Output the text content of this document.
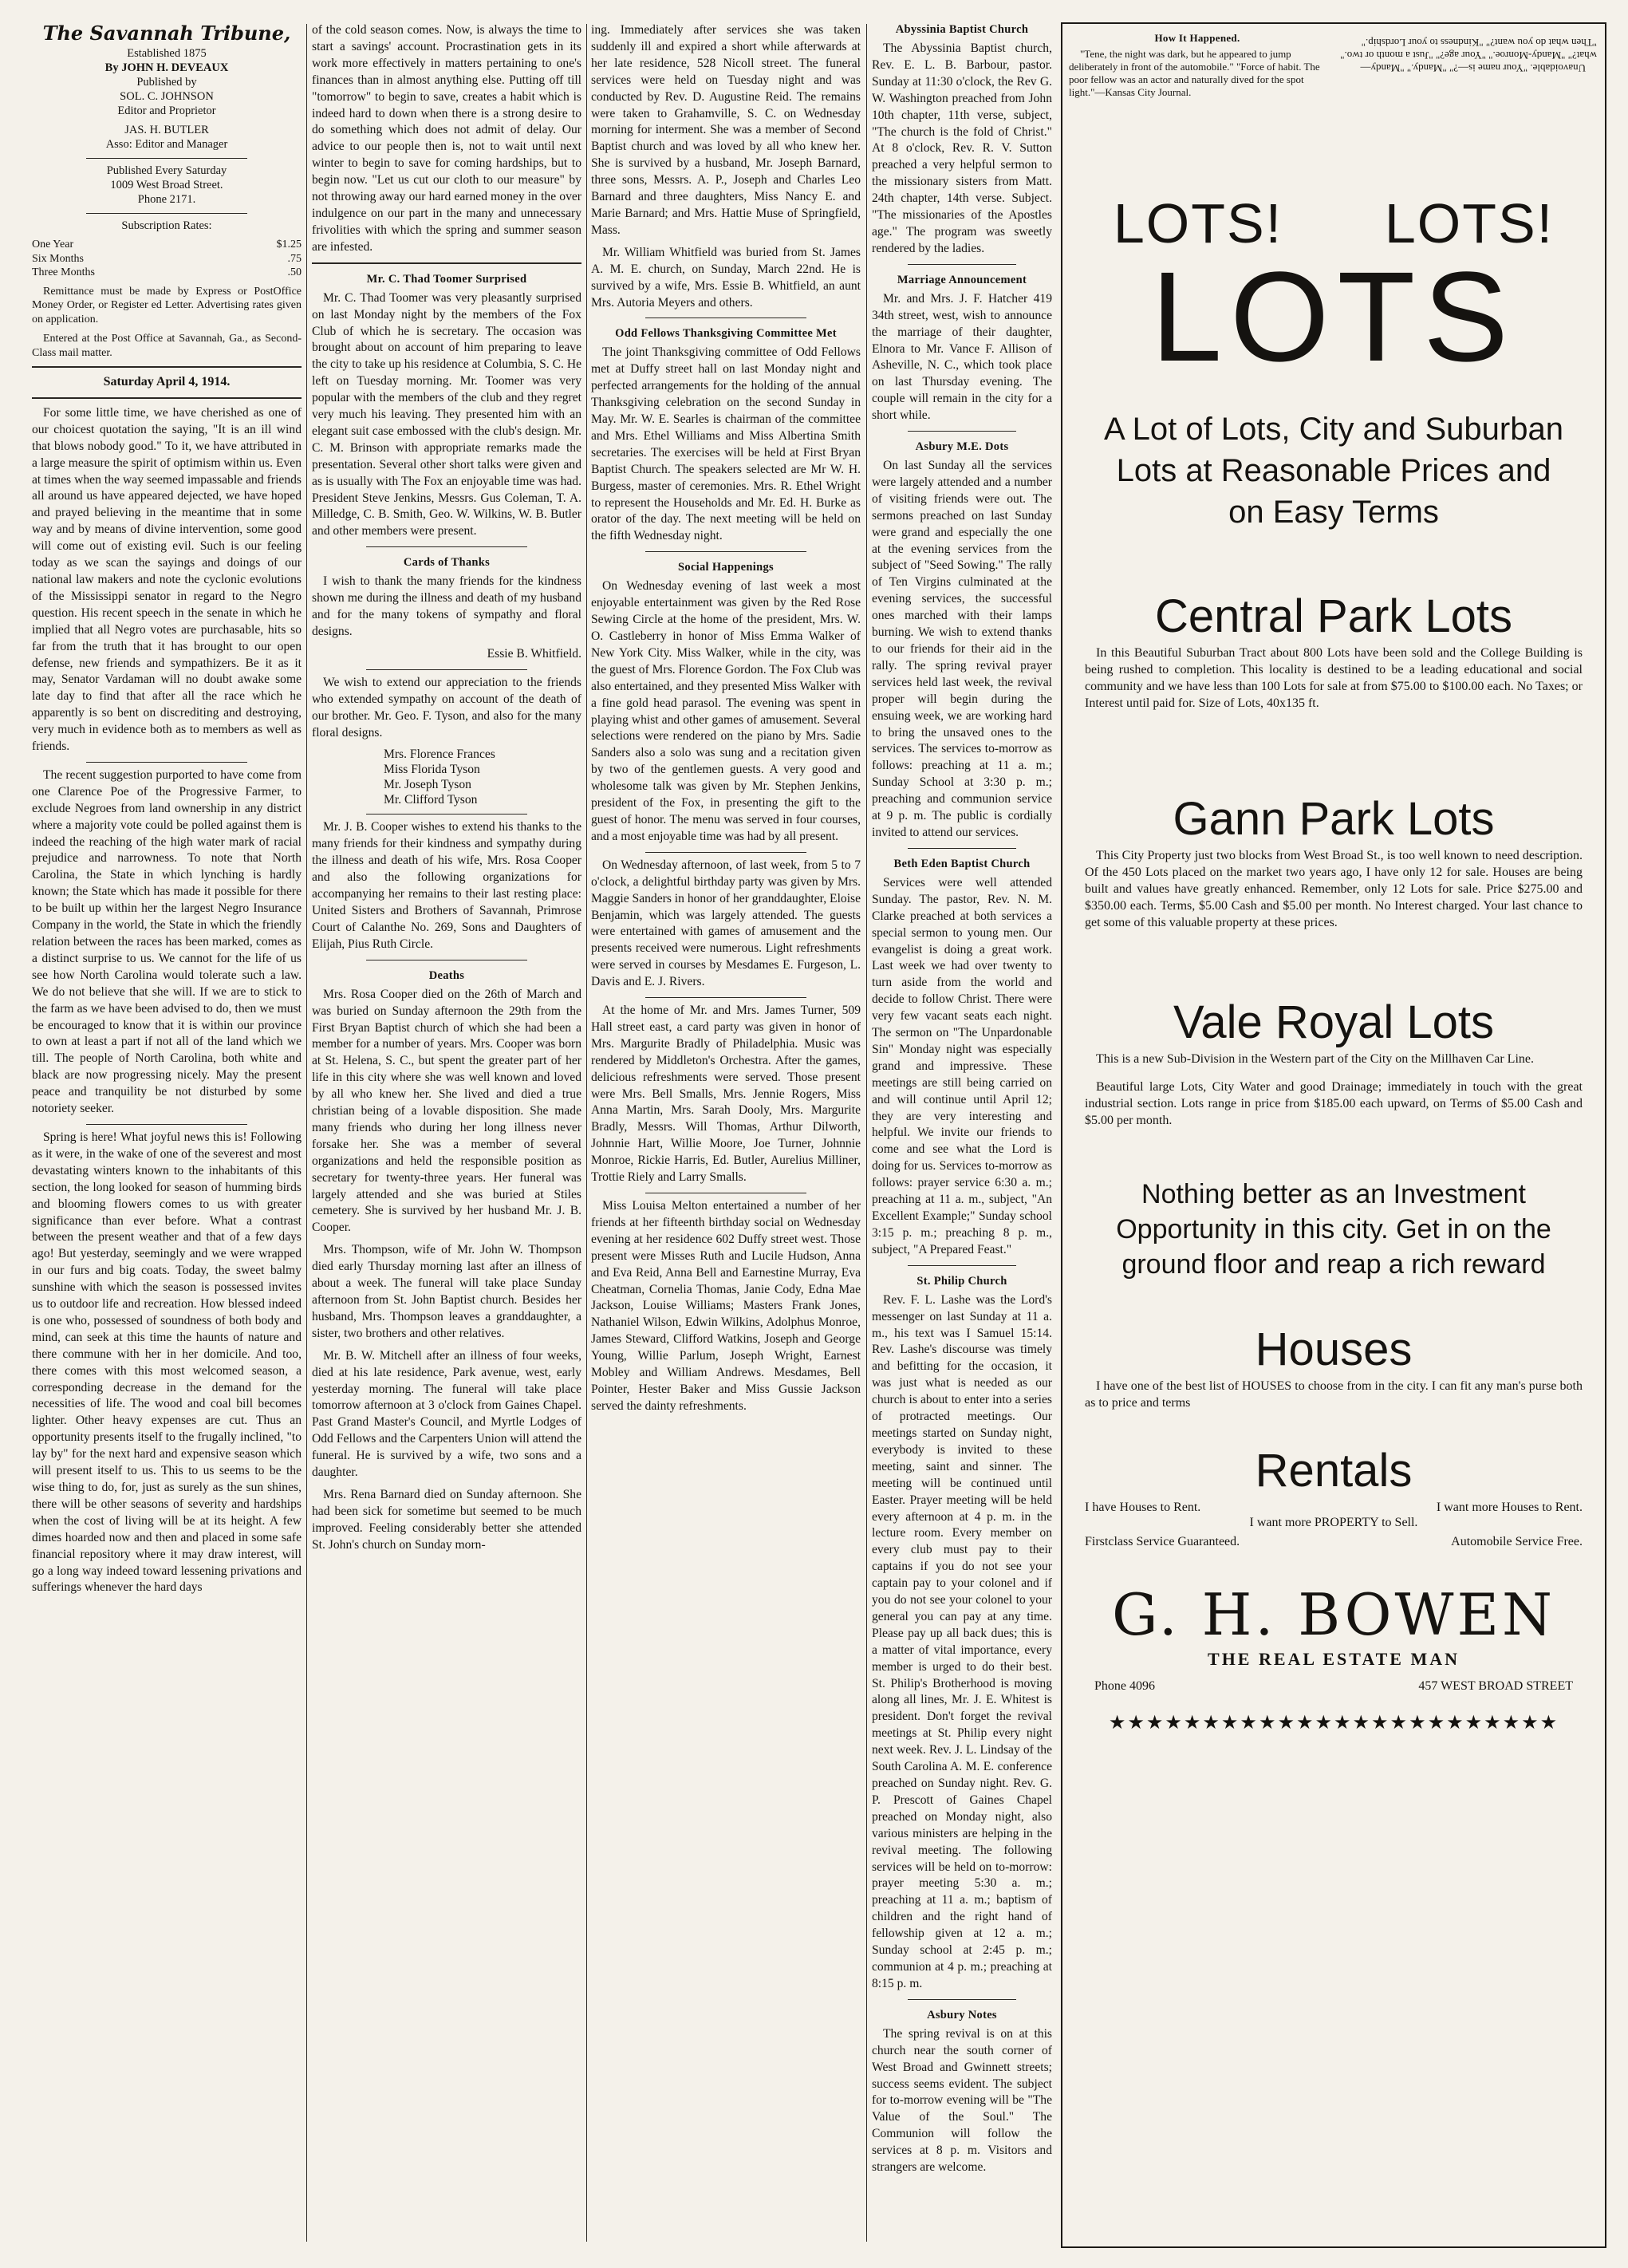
The Savannah Tribune,
Established 1875
By JOHN H. DEVEAUX
Published by
SOL. C. JOHNSON
Editor and Proprietor
JAS. H. BUTLER
Asso: Editor and Manager
Published Every Saturday
1009 West Broad Street.
Phone 2171.
Subscription Rates:
One Year	$1.25
Six Months	.75
Three Months	.50

Remittance must be made by Express or PostOffice Money Order, or Register ed Letter. Advertising rates given on application.

Entered at the Post Office at Savannah, Ga., as Second-Class mail matter.

Saturday April 4, 1914.

For some little time, we have cherished as one of our choicest quotation the saying, "It is an ill wind that blows nobody good." To it, we have attributed in a large measure the spirit of optimism within us. Even at times when the way seemed impassable and friends all around us have appeared dejected, we have hoped and prayed believing in the meantime that in some way and by means of divine intervention, some good will come out of existing evil. Such is our feeling today as we scan the sayings and doings of our national law makers and note the cyclonic evolutions of the Mississippi senator in regard to the Negro question. His recent speech in the senate in which he implied that all Negro votes are purchasable, hits so far from the truth that it has brought to our open defense, new friends and sympathizers. Be it as it may, Senator Vardaman will no doubt awake some late day to find that after all the race which he apparently is so bent on discrediting and destroying, very much in evidence both as to members as well as friends.

The recent suggestion purported to have come from one Clarence Poe of the Progressive Farmer, to exclude Negroes from land ownership in any district where a majority vote could be polled against them is indeed the reaching of the high water mark of racial prejudice and narrowness. To note that North Carolina, the State in which lynching is hardly known; the State which has made it possible for there to be built up within her the largest Negro Insurance Company in the world, the State in which the friendly relation between the races has been marked, comes as a distinct surprise to us. We cannot for the life of us see how North Carolina would tolerate such a law. We do not believe that she will. If we are to stick to the farm as we have been advised to do, then we must be encouraged to know that it is within our province to own at least a part if not all of the land which we till. The people of North Carolina, both white and black are now progressing nicely. May the present peace and tranquility be not disturbed by some notoriety seeker.

Spring is here! What joyful news this is! Following as it were, in the wake of one of the severest and most devastating winters known to the inhabitants of this section, the long looked for season of humming birds and blooming flowers comes to us with greater significance than ever before. What a contrast between the present weather and that of a few days ago! But yesterday, seemingly and we were wrapped in our furs and big coats. Today, the sweet balmy sunshine with which the season is possessed invites us to outdoor life and recreation. How blessed indeed is one who, possessed of soundness of both body and mind, can seek at this time the haunts of nature and there commune with her in her domicile. And too, there comes with this most welcomed season, a corresponding decrease in the demand for the necessities of life. The wood and coal bill becomes lighter. Other heavy expenses are cut. Thus an opportunity presents itself to the frugally inclined, "to lay by" for the next hard and expensive season which will present itself to us. This to us seems to be the wise thing to do, for, just as surely as the sun shines, there will be other seasons of severity and hardships when the cost of living will be at its height. A few dimes hoarded now and then and placed in some safe financial repository where it may draw interest, will go a long way indeed toward lessening privations and sufferings whenever the hard days

of the cold season comes. Now, is always the time to start a savings' account. Procrastination gets in its work more effectively in matters pertaining to one's finances than in almost anything else. Putting off till "tomorrow" to begin to save, creates a habit which is indeed hard to down when there is a strong desire to do something which does not admit of delay. Our advice to our people then is, not to wait until next winter to begin to save for coming hardships, but to begin now. "Let us cut our cloth to our measure" by not throwing away our hard earned money in the over indulgence on our part in the many and unnecessary frivolities with which the spring and summer season are infested.

Mr. C. Thad Toomer Surprised

Mr. C. Thad Toomer was very pleasantly surprised on last Monday night by the members of the Fox Club of which he is secretary. The occasion was brought about on account of him preparing to leave the city to take up his residence at Columbia, S. C. He left on Tuesday morning. Mr. Toomer was very popular with the members of the club and they regret very much his leaving. They presented him with an elegant suit case embossed with the club's design. Mr. C. M. Brinson with appropriate remarks made the presentation. Several other short talks were given and as is usually with The Fox an enjoyable time was had. President Steve Jenkins, Messrs. Gus Coleman, T. A. Milledge, C. B. Smith, Geo. W. Wilkins, W. B. Butler and other members were present.

Cards of Thanks

I wish to thank the many friends for the kindness shown me during the illness and death of my husband and for the many tokens of sympathy and floral designs.

Essie B. Whitfield.

We wish to extend our appreciation to the friends who extended sympathy on account of the death of our brother. Mr. Geo. F. Tyson, and also for the many floral designs.

Mrs. Florence Frances
Miss Florida Tyson
Mr. Joseph Tyson
Mr. Clifford Tyson

Mr. J. B. Cooper wishes to extend his thanks to the many friends for their kindness and sympathy during the illness and death of his wife, Mrs. Rosa Cooper and also the following organizations for accompanying her remains to their last resting place: United Sisters and Brothers of Savannah, Primrose Court of Calanthe No. 269, Sons and Daughters of Elijah, Pius Ruth Circle.

Deaths

Mrs. Rosa Cooper died on the 26th of March and was buried on Sunday afternoon the 29th from the First Bryan Baptist church of which she had been a member for a number of years. Mrs. Cooper was born at St. Helena, S. C., but spent the greater part of her life in this city where she was well known and loved by all who knew her. She lived and died a true christian being of a lovable disposition. She made many friends who during her long illness never forsake her. She was a member of several organizations and held the responsible position as secretary for twenty-three years. Her funeral was largely attended and she was buried at Stiles cemetery. She is survived by her husband Mr. J. B. Cooper.

Mrs. Thompson, wife of Mr. John W. Thompson died early Thursday morning last after an illness of about a week. The funeral will take place Sunday afternoon from St. John Baptist church. Besides her husband, Mrs. Thompson leaves a granddaughter, a sister, two brothers and other relatives.

Mr. B. W. Mitchell after an illness of four weeks, died at his late residence, Park avenue, west, early yesterday morning. The funeral will take place tomorrow afternoon at 3 o'clock from Gaines Chapel. Past Grand Master's Council, and Myrtle Lodges of Odd Fellows and the Carpenters Union will attend the funeral. He is survived by a wife, two sons and a daughter.

Mrs. Rena Barnard died on Sunday afternoon. She had been sick for sometime but seemed to be much improved. Feeling considerably better she attended St. John's church on Sunday morn-

ing. Immediately after services she was taken suddenly ill and expired a short while afterwards at her late residence, 528 Nicoll street. The funeral services were held on Tuesday night and was conducted by Rev. D. Augustine Reid. The remains were taken to Grahamville, S. C. on Wednesday morning for interment. She was a member of Second Baptist church and was loved by all who knew her. She is survived by a husband, Mr. Joseph Barnard, three sons, Messrs. A. P., Joseph and Charles Leo Barnard and three daughters, Miss Nancy E. and Marie Barnard; and Mrs. Hattie Muse of Springfield, Mass.

Mr. William Whitfield was buried from St. James A. M. E. church, on Sunday, March 22nd. He is survived by a wife, Mrs. Essie B. Whitfield, an aunt Mrs. Autoria Meyers and others.

Odd Fellows Thanksgiving Committee Met

The joint Thanksgiving committee of Odd Fellows met at Duffy street hall on last Monday night and perfected arrangements for the holding of the annual Thanksgiving celebration on the second Sunday in May. Mr. W. E. Searles is chairman of the committee and Mrs. Ethel Williams and Miss Albertina Smith secretaries. The exercises will be held at First Bryan Baptist Church. The speakers selected are Mr W. H. Burgess, master of ceremonies. Mrs. R. Ethel Wright to represent the Households and Mr. Ed. H. Burke as orator of the day. The next meeting will be held on the fifth Wednesday night.

Social Happenings

On Wednesday evening of last week a most enjoyable entertainment was given by the Red Rose Sewing Circle at the home of the president, Mrs. W. O. Castleberry in honor of Miss Emma Walker of New York City. Miss Walker, while in the city, was the guest of Mrs. Florence Gordon. The Fox Club was also entertained, and they presented Miss Walker with a fine gold head parasol. The evening was spent in playing whist and other games of amusement. Several selections were rendered on the piano by Mrs. Sadie Sanders also a solo was sung and a recitation given by two of the gentlemen guests. A very good and wholesome talk was given by Mr. Stephen Jenkins, president of the Fox, in presenting the gift to the guest of honor. The menu was served in four courses, and a most enjoyable time was had by all present.

On Wednesday afternoon, of last week, from 5 to 7 o'clock, a delightful birthday party was given by Mrs. Maggie Sanders in honor of her granddaughter, Eloise Benjamin, which was largely attended. The guests were entertained with games of amusement and the presents received were numerous. Light refreshments were served in courses by Mesdames E. Furgeson, L. Davis and E. J. Rivers.

At the home of Mr. and Mrs. James Turner, 509 Hall street east, a card party was given in honor of Mrs. Margurite Bradly of Philadelphia. Music was rendered by Middleton's Orchestra. After the games, delicious refreshments were served. Those present were Mrs. Bell Smalls, Mrs. Jennie Rogers, Miss Anna Martin, Mrs. Sarah Dooly, Mrs. Margurite Bradly, Messrs. Will Thomas, Arthur Dilworth, Johnnie Hart, Willie Moore, Joe Turner, Johnnie Monroe, Rickie Harris, Ed. Butler, Aurelius Milliner, Trottie Riely and Larry Smalls.

Miss Louisa Melton entertained a number of her friends at her fifteenth birthday social on Wednesday evening at her residence 602 Duffy street west. Those present were Misses Ruth and Lucile Hudson, Anna and Eva Reid, Anna Bell and Earnestine Murray, Eva Cheatman, Cornelia Thomas, Janie Cody, Edna Mae Jackson, Louise Williams; Masters Frank Jones, Nathaniel Wilson, Edwin Wilkins, Adolphus Monroe, James Steward, Clifford Watkins, Joseph and George Young, Willie Parlum, Joseph Wright, Earnest Mobley and William Andrews. Mesdames, Bell Pointer, Hester Baker and Miss Gussie Jackson served the dainty refreshments.

Abyssinia Baptist Church

The Abyssinia Baptist church, Rev. E. L. B. Barbour, pastor. Sunday at 11:30 o'clock, the Rev G. W. Washington preached from John 10th chapter, 11th verse, subject, "The church is the fold of Christ." At 8 o'clock, Rev. R. V. Sutton preached a very helpful sermon to the missionary sisters from Matt. 24th chapter, 14th verse. Subject. "The missionaries of the Apostles age." The program was sweetly rendered by the ladies.

Marriage Announcement

Mr. and Mrs. J. F. Hatcher 419 34th street, west, wish to announce the marriage of their daughter, Elnora to Mr. Vance F. Allison of Asheville, N. C., which took place on last Thursday evening. The couple will remain in the city for a short while.

Asbury M.E. Dots

On last Sunday all the services were largely attended and a number of visiting friends were out. The sermons preached on last Sunday were grand and especially the one at the evening services from the subject of "Seed Sowing." The rally of Ten Virgins culminated at the evening services, the successful ones marched with their lamps burning. We wish to extend thanks to our friends for their aid in the rally. The spring revival prayer services held last week, the revival proper will begin during the ensuing week, we are working hard to bring the unsaved ones to the services. The services to-morrow as follows: preaching at 11 a. m.; Sunday School at 3:30 p. m.; preaching and communion service at 9 p. m. The public is cordially invited to attend our services.

Beth Eden Baptist Church

Services were well attended Sunday. The pastor, Rev. N. M. Clarke preached at both services a special sermon to young men. Our evangelist is doing a great work. Last week we had over twenty to turn aside from the world and decide to follow Christ. There were very few vacant seats each night. The sermon on "The Unpardonable Sin" Monday night was especially grand and impressive. These meetings are still being carried on and will continue until April 12; they are very interesting and helpful. We invite our friends to come and see what the Lord is doing for us. Services to-morrow as follows: prayer service 6:30 a. m.; preaching at 11 a. m., subject, "An Excellent Example;" Sunday school 3:15 p. m.; preaching 8 p. m., subject, "A Prepared Feast."

St. Philip Church

Rev. F. L. Lashe was the Lord's messenger on last Sunday at 11 a. m., his text was I Samuel 15:14. Rev. Lashe's discourse was timely and befitting for the occasion, it was just what is needed as our church is about to enter into a series of protracted meetings. Our meetings started on Sunday night, everybody is invited to these meeting, saint and sinner. The meeting will be continued until Easter. Prayer meeting will be held every afternoon at 4 p. m. in the lecture room. Every member on every club must pay to their captains if you do not see your captain pay to your colonel and if you do not see your colonel to your general you can pay at any time. Please pay up all back dues; this is a matter of vital importance, every member is urged to do their best. St. Philip's Brotherhood is moving along all lines, Mr. J. E. Whitest is president. Don't forget the revival meetings at St. Philip every night next week. Rev. J. L. Lindsay of the South Carolina A. M. E. conference preached on Sunday night. Rev. G. P. Prescott of Gaines Chapel preached on Monday night, also various ministers are helping in the revival meeting. The following services will be held on to-morrow: prayer meeting 5:30 a. m.; preaching at 11 a. m.; baptism of children and the right hand of fellowship given at 12 a. m.; Sunday school at 2:45 p. m.; communion at 4 p. m.; preaching at 8:15 p. m.

Asbury Notes

The spring revival is on at this church near the south corner of West Broad and Gwinnett streets; success seems evident. The subject for to-morrow evening will be "The Value of the Soul." The Communion will follow the services at 8 p. m. Visitors and strangers are welcome.

How It Happened.

"Tene, the night was dark, but he appeared to jump deliberately in front of the automobile." "Force of habit. The poor fellow was an actor and naturally dived for the spot light."—Kansas City Journal.

Unavoidable. "Your name is—?" "Mandy." "Mandy—what?" "Mandy-Monroe." "Your age?" "Just a month or two." "Then what do you want?" "Kindness to your Lordship."

LOTS! LOTS!
LOTS
A Lot of Lots, City and Suburban Lots at Reasonable Prices and on Easy Terms
Central Park Lots

In this Beautiful Suburban Tract about 800 Lots have been sold and the College Building is being rushed to completion. This locality is destined to be a leading educational and social community and we have less than 100 Lots for sale at from $75.00 to $100.00 each. No Taxes; or Interest until paid for. Size of Lots, 40x135 ft.

Gann Park Lots

This City Property just two blocks from West Broad St., is too well known to need description. Of the 450 Lots placed on the market two years ago, I have only 12 for sale. Houses are being built and values have greatly enhanced. Remember, only 12 Lots for sale. Price $275.00 and $350.00 each. Terms, $5.00 Cash and $5.00 per month. No Interest charged. Your last chance to get some of this valuable property at these prices.

Vale Royal Lots

This is a new Sub-Division in the Western part of the City on the Millhaven Car Line.

Beautiful large Lots, City Water and good Drainage; immediately in touch with the great industrial section. Lots range in price from $185.00 each upward, on Terms of $5.00 Cash and $5.00 per month.

Nothing better as an Investment Opportunity in this city. Get in on the ground floor and reap a rich reward
Houses

I have one of the best list of HOUSES to choose from in the city. I can fit any man's purse both as to price and terms

Rentals
I have Houses to Rent.	I want more Houses to Rent.
I want more PROPERTY to Sell.
Firstclass Service Guaranteed.	Automobile Service Free.
G. H. BOWEN
THE REAL ESTATE MAN
Phone 4096	457 WEST BROAD STREET
★★★★★★★★★★★★★★★★★★★★★★★★
